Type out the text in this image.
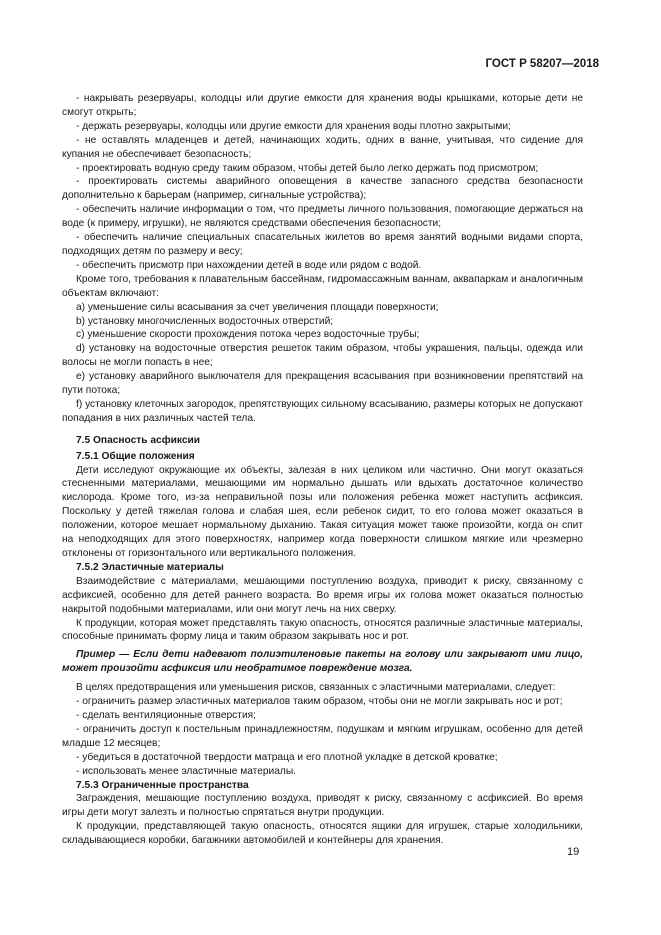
ГОСТ Р 58207—2018

- накрывать резервуары, колодцы или другие емкости для хранения воды крышками, которые дети не смогут открыть;

- держать резервуары, колодцы или другие емкости для хранения воды плотно закрытыми;

- не оставлять младенцев и детей, начинающих ходить, одних в ванне, учитывая, что сидение для купания не обеспечивает безопасность;

- проектировать водную среду таким образом, чтобы детей было легко держать под присмотром;

- проектировать системы аварийного оповещения в качестве запасного средства безопасности дополнительно к барьерам (например, сигнальные устройства);

- обеспечить наличие информации о том, что предметы личного пользования, помогающие держаться на воде (к примеру, игрушки), не являются средствами обеспечения безопасности;

- обеспечить наличие специальных спасательных жилетов во время занятий водными видами спорта, подходящих детям по размеру и весу;

- обеспечить присмотр при нахождении детей в воде или рядом с водой.

Кроме того, требования к плавательным бассейнам, гидромассажным ваннам, аквапаркам и аналогичным объектам включают:

a) уменьшение силы всасывания за счет увеличения площади поверхности;

b) установку многочисленных водосточных отверстий;

c) уменьшение скорости прохождения потока через водосточные трубы;

d) установку на водосточные отверстия решеток таким образом, чтобы украшения, пальцы, одежда или волосы не могли попасть в нее;

e) установку аварийного выключателя для прекращения всасывания при возникновении препятствий на пути потока;

f) установку клеточных загородок, препятствующих сильному всасыванию, размеры которых не допускают попадания в них различных частей тела.

7.5 Опасность асфиксии
7.5.1 Общие положения

Дети исследуют окружающие их объекты, залезая в них целиком или частично. Они могут оказаться стесненными материалами, мешающими им нормально дышать или вдыхать достаточное количество кислорода. Кроме того, из-за неправильной позы или положения ребенка может наступить асфиксия. Поскольку у детей тяжелая голова и слабая шея, если ребенок сидит, то его голова может оказаться в положении, которое мешает нормальному дыханию. Такая ситуация может также произойти, когда он спит на неподходящих для этого поверхностях, например когда поверхности слишком мягкие или чрезмерно отклонены от горизонтального или вертикального положения.

7.5.2 Эластичные материалы

Взаимодействие с материалами, мешающими поступлению воздуха, приводит к риску, связанному с асфиксией, особенно для детей раннего возраста. Во время игры их голова может оказаться полностью накрытой подобными материалами, или они могут лечь на них сверху.

К продукции, которая может представлять такую опасность, относятся различные эластичные материалы, способные принимать форму лица и таким образом закрывать нос и рот.

Пример — Если дети надевают полиэтиленовые пакеты на голову или закрывают ими лицо, может произойти асфиксия или необратимое повреждение мозга.

В целях предотвращения или уменьшения рисков, связанных с эластичными материалами, следует:

- ограничить размер эластичных материалов таким образом, чтобы они не могли закрывать нос и рот;

- сделать вентиляционные отверстия;

- ограничить доступ к постельным принадлежностям, подушкам и мягким игрушкам, особенно для детей младше 12 месяцев;

- убедиться в достаточной твердости матраца и его плотной укладке в детской кроватке;

- использовать менее эластичные материалы.

7.5.3 Ограниченные пространства

Заграждения, мешающие поступлению воздуха, приводят к риску, связанному с асфиксией. Во время игры дети могут залезть и полностью спрятаться внутри продукции.

К продукции, представляющей такую опасность, относятся ящики для игрушек, старые холодильники, складывающиеся коробки, багажники автомобилей и контейнеры для хранения.

19
